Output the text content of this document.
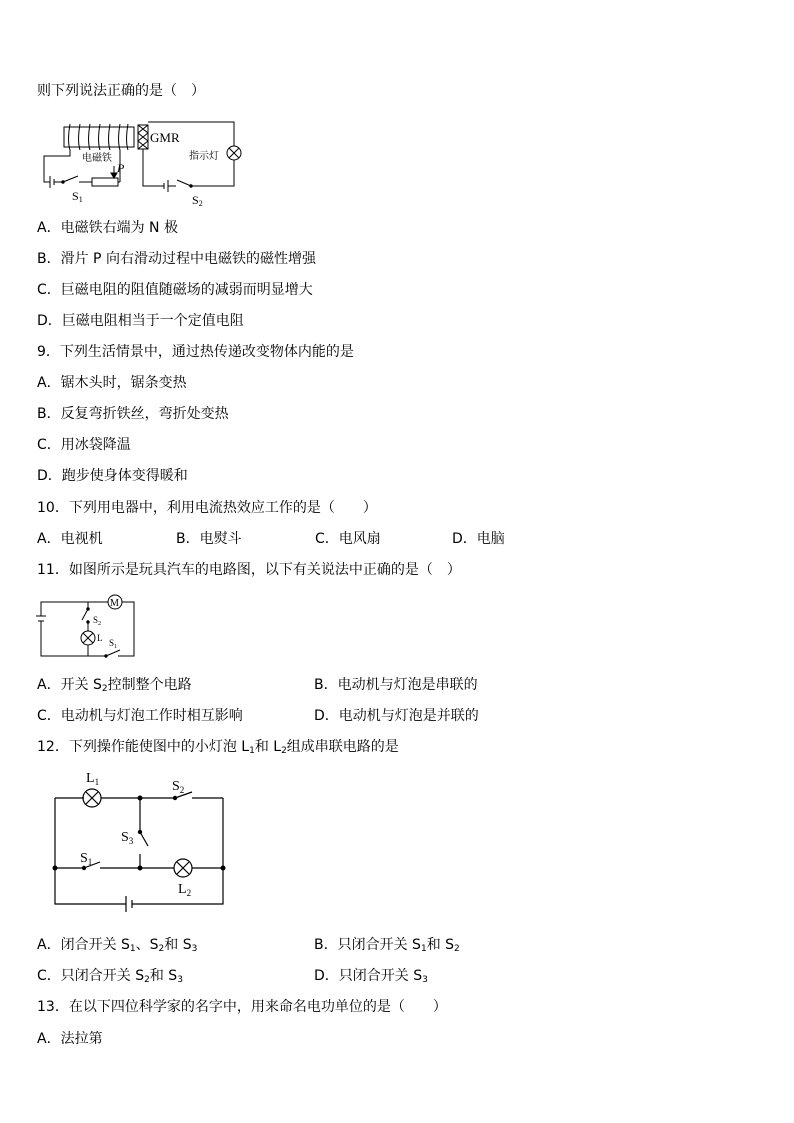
则下列说法正确的是（　）
GMR
电磁铁	指示灯
P
S1	S2
A．电磁铁右端为 N 极
B．滑片 P 向右滑动过程中电磁铁的磁性增强
C．巨磁电阻的阻值随磁场的减弱而明显增大
D．巨磁电阻相当于一个定值电阻
9．下列生活情景中，通过热传递改变物体内能的是
A．锯木头时，锯条变热
B．反复弯折铁丝，弯折处变热
C．用冰袋降温
D．跑步使身体变得暖和
10．下列用电器中，利用电流热效应工作的是（　　）
A．电视机	B．电熨斗	C．电风扇	D．电脑
11．如图所示是玩具汽车的电路图，以下有关说法中正确的是（　）
M
$S_2$
L $S_1$
A．开关 $S_2$控制整个电路	B．电动机与灯泡是串联的
C．电动机与灯泡工作时相互影响	D．电动机与灯泡是并联的
12．下列操作能使图中的小灯泡 $L_1$和 $L_2$组成串联电路的是
$L_1$	$S_2$
$S_3$
$S_1$
$L_2$
A．闭合开关 $S_1$、$S_2$和 $S_3$	B．只闭合开关 $S_1$和 $S_2$
C．只闭合开关 $S_2$和 $S_3$	D．只闭合开关 $S_3$
13．在以下四位科学家的名字中，用来命名电功单位的是（　　）
A．法拉第
